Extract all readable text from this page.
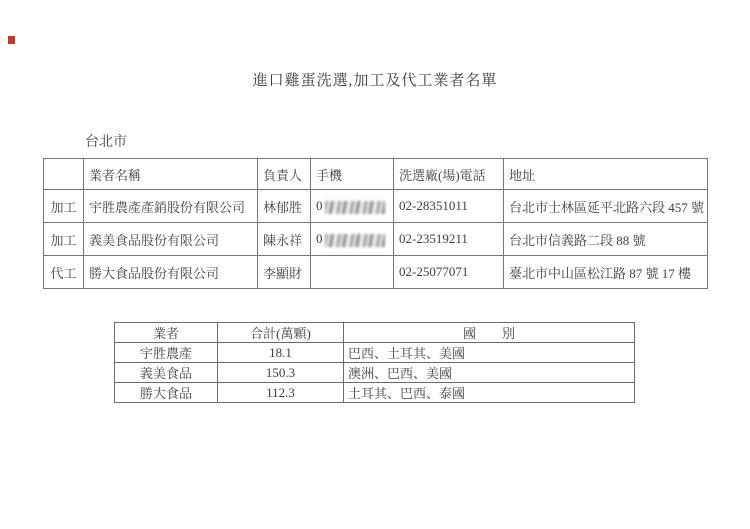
進口雞蛋洗選,加工及代工業者名單
台北市
	業者名稱	負責人	手機	洗選廠(場)電話	地址
加工	宇胜農產產銷股份有限公司	林郁胜	0	02-28351011	台北市士林區延平北路六段 457 號
加工	義美食品股份有限公司	陳永祥	0	02-23519211	台北市信義路二段 88 號
代工	勝大食品股份有限公司	李顯財		02-25077071	臺北市中山區松江路 87 號 17 樓
業者	合計(萬顆)	國　　別
宇胜農產	18.1	巴西、土耳其、美國
義美食品	150.3	澳洲、巴西、美國
勝大食品	112.3	土耳其、巴西、泰國
